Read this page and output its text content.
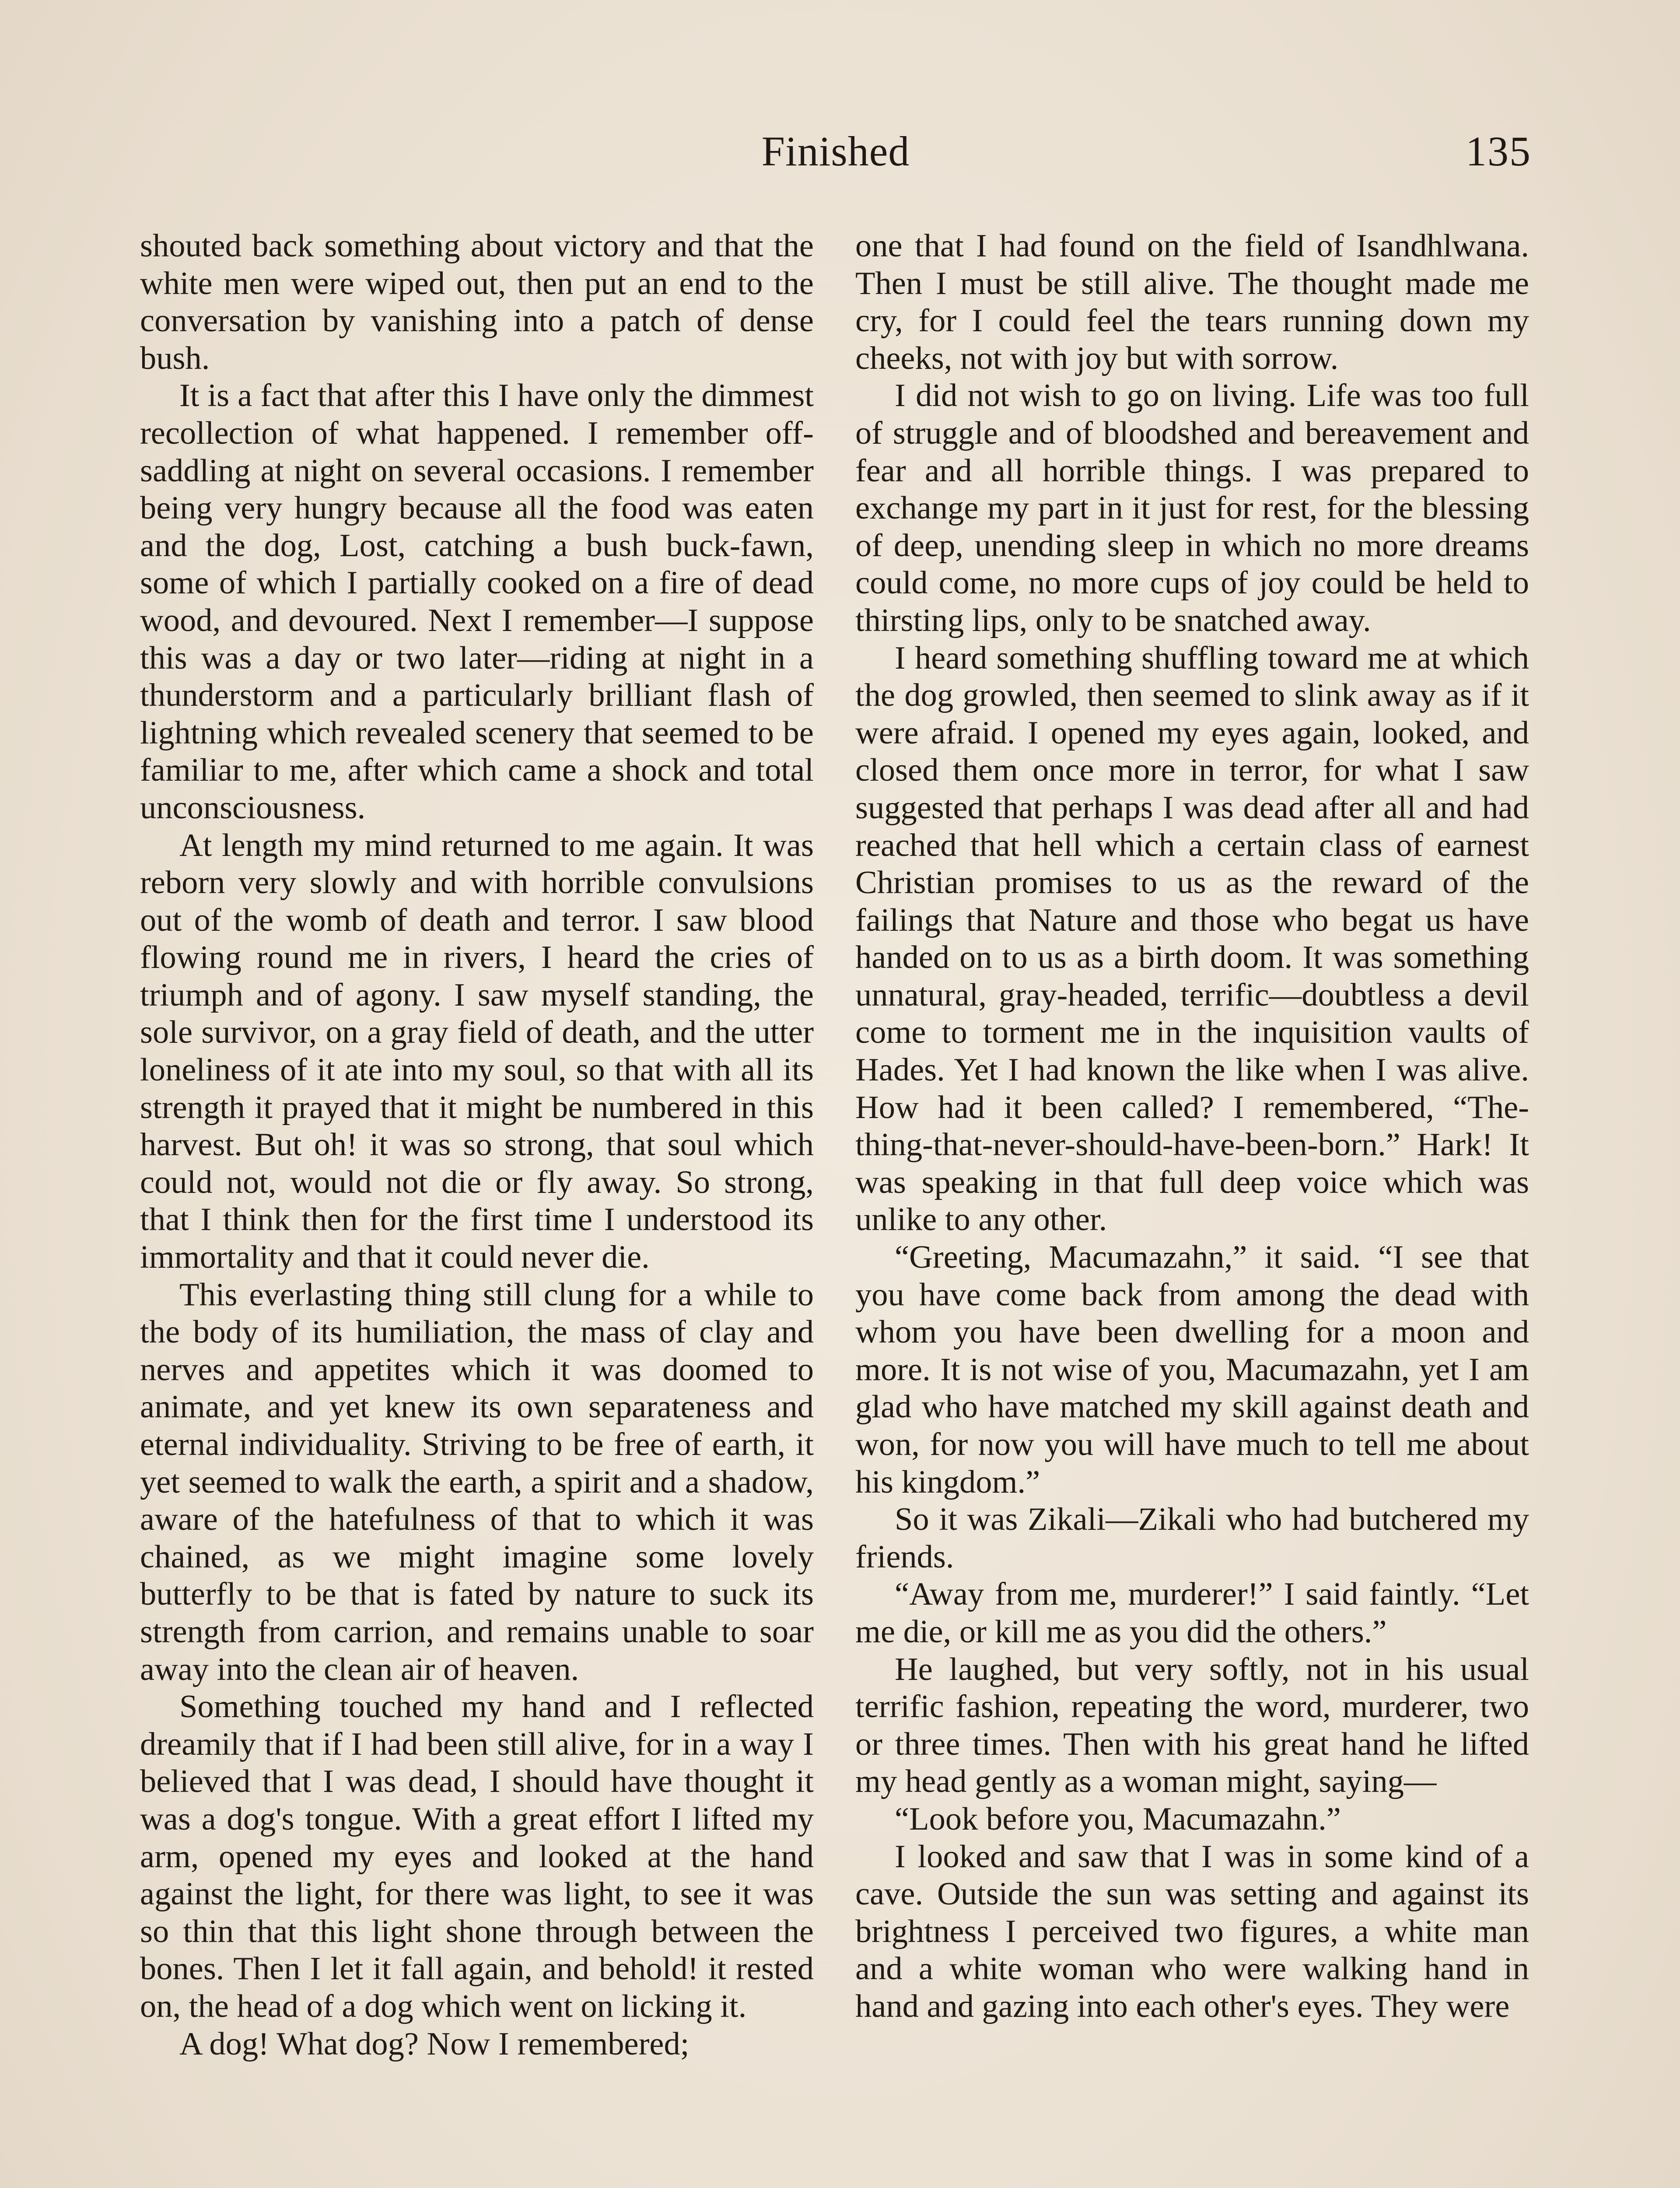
Finished	135

shouted back something about victory and that the white men were wiped out, then put an end to the conversation by vanishing into a patch of dense bush.

It is a fact that after this I have only the dimmest recollection of what happened. I remember off-saddling at night on several occasions. I remember being very hungry because all the food was eaten and the dog, Lost, catching a bush buck-fawn, some of which I partially cooked on a fire of dead wood, and devoured. Next I remember—I suppose this was a day or two later—riding at night in a thunderstorm and a particularly brilliant flash of lightning which revealed scenery that seemed to be familiar to me, after which came a shock and total unconsciousness.

At length my mind returned to me again. It was reborn very slowly and with horrible convulsions out of the womb of death and terror. I saw blood flowing round me in rivers, I heard the cries of triumph and of agony. I saw myself standing, the sole survivor, on a gray field of death, and the utter loneliness of it ate into my soul, so that with all its strength it prayed that it might be numbered in this harvest. But oh! it was so strong, that soul which could not, would not die or fly away. So strong, that I think then for the first time I understood its immortality and that it could never die.

This everlasting thing still clung for a while to the body of its humiliation, the mass of clay and nerves and appetites which it was doomed to animate, and yet knew its own separateness and eternal individuality. Striving to be free of earth, it yet seemed to walk the earth, a spirit and a shadow, aware of the hatefulness of that to which it was chained, as we might imagine some lovely butterfly to be that is fated by nature to suck its strength from carrion, and remains unable to soar away into the clean air of heaven.

Something touched my hand and I reflected dreamily that if I had been still alive, for in a way I believed that I was dead, I should have thought it was a dog's tongue. With a great effort I lifted my arm, opened my eyes and looked at the hand against the light, for there was light, to see it was so thin that this light shone through between the bones. Then I let it fall again, and behold! it rested on, the head of a dog which went on licking it.

A dog! What dog? Now I remembered;

one that I had found on the field of Isandhlwana. Then I must be still alive. The thought made me cry, for I could feel the tears running down my cheeks, not with joy but with sorrow.

I did not wish to go on living. Life was too full of struggle and of bloodshed and bereavement and fear and all horrible things. I was prepared to exchange my part in it just for rest, for the blessing of deep, unending sleep in which no more dreams could come, no more cups of joy could be held to thirsting lips, only to be snatched away.

I heard something shuffling toward me at which the dog growled, then seemed to slink away as if it were afraid. I opened my eyes again, looked, and closed them once more in terror, for what I saw suggested that perhaps I was dead after all and had reached that hell which a certain class of earnest Christian promises to us as the reward of the failings that Nature and those who begat us have handed on to us as a birth doom. It was something unnatural, gray-headed, terrific—doubtless a devil come to torment me in the inquisition vaults of Hades. Yet I had known the like when I was alive. How had it been called? I remembered, “The-thing-that-never-should-have-been-born.” Hark! It was speaking in that full deep voice which was unlike to any other.

“Greeting, Macumazahn,” it said. “I see that you have come back from among the dead with whom you have been dwelling for a moon and more. It is not wise of you, Macumazahn, yet I am glad who have matched my skill against death and won, for now you will have much to tell me about his kingdom.”

So it was Zikali—Zikali who had butchered my friends.

“Away from me, murderer!” I said faintly. “Let me die, or kill me as you did the others.”

He laughed, but very softly, not in his usual terrific fashion, repeating the word, murderer, two or three times. Then with his great hand he lifted my head gently as a woman might, saying—

“Look before you, Macumazahn.”

I looked and saw that I was in some kind of a cave. Outside the sun was setting and against its brightness I perceived two figures, a white man and a white woman who were walking hand in hand and gazing into each other's eyes. They were
